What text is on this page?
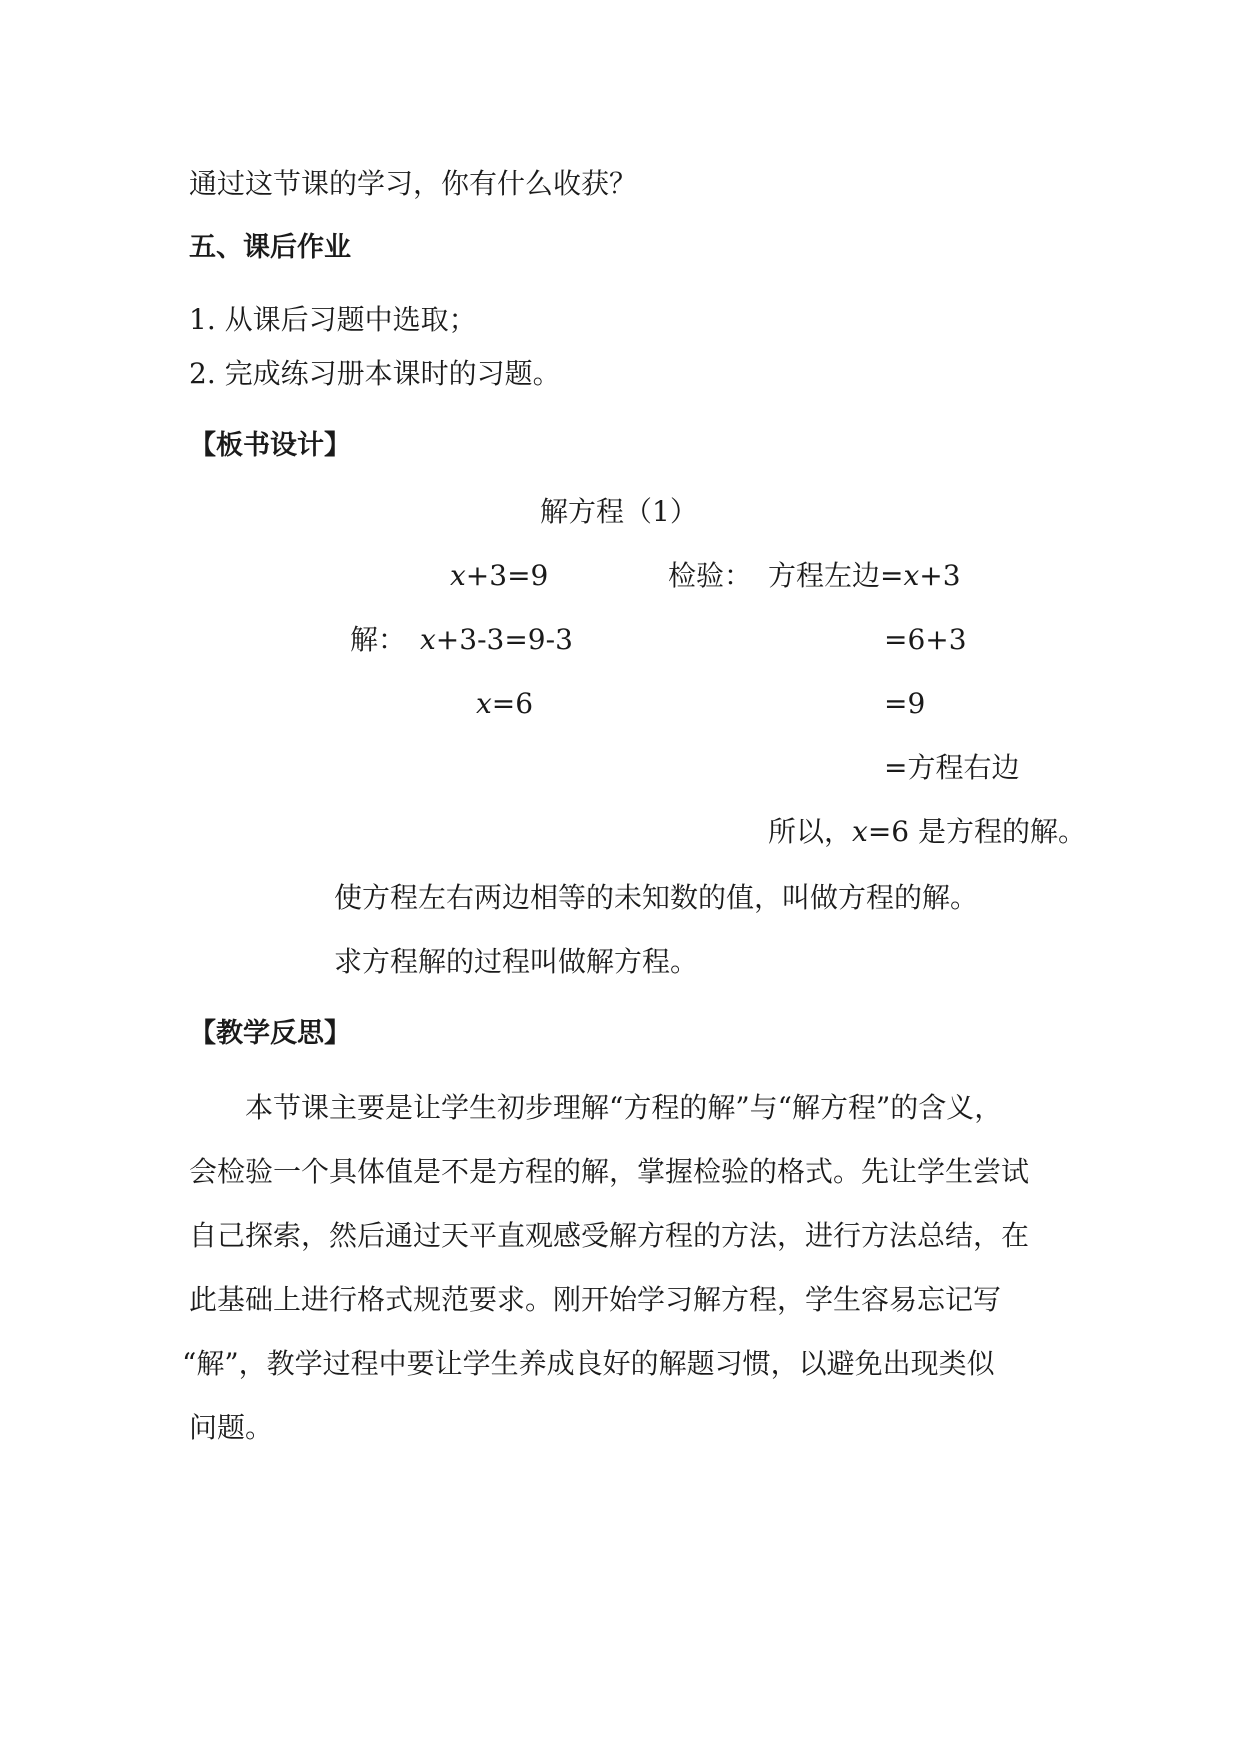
通过这节课的学习，你有什么收获？
五、课后作业
1. 从课后习题中选取；
2. 完成练习册本课时的习题。
【板书设计】
解方程（1）
x+3=9
解： x+3-3=9-3
x=6
检验： 方程左边=x+3
=6+3
=9
=方程右边
所以，x=6 是方程的解。
使方程左右两边相等的未知数的值，叫做方程的解。
求方程解的过程叫做解方程。
【教学反思】
本节课主要是让学生初步理解“方程的解”与“解方程”的含义，
会检验一个具体值是不是方程的解，掌握检验的格式。先让学生尝试
自己探索，然后通过天平直观感受解方程的方法，进行方法总结，在
此基础上进行格式规范要求。刚开始学习解方程，学生容易忘记写
“解”，教学过程中要让学生养成良好的解题习惯，以避免出现类似
问题。
